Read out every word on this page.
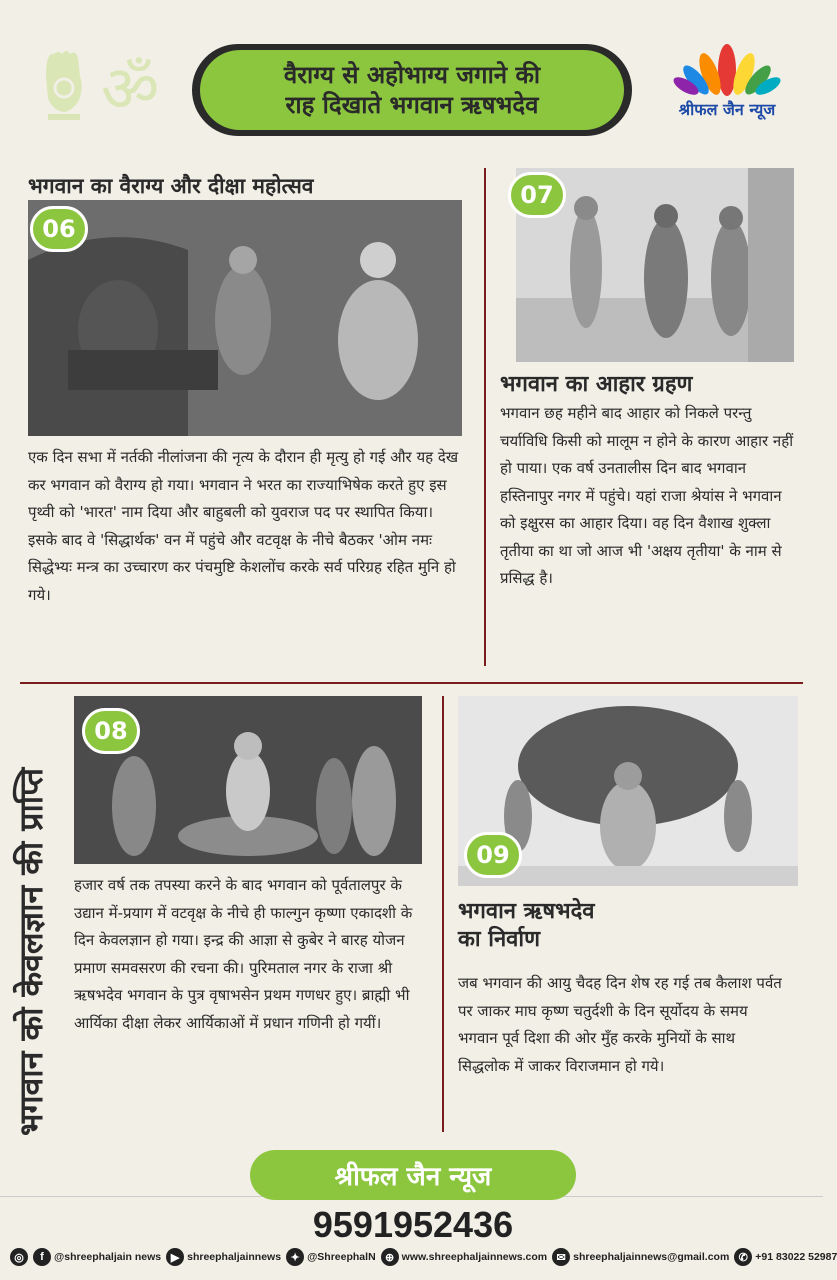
ॐ	वैराग्य से अहोभाग्य जगाने की
राह दिखाते भगवान ऋषभदेव	श्रीफल जैन न्यूज
भगवान का वैराग्य और दीक्षा महोत्सव
06
एक दिन सभा में नर्तकी नीलांजना की नृत्य के दौरान ही मृत्यु हो गई और यह देख कर भगवान को वैराग्य हो गया। भगवान ने भरत का राज्याभिषेक करते हुए इस पृथ्वी को 'भारत' नाम दिया और बाहुबली को युवराज पद पर स्थापित किया। इसके बाद वे 'सिद्धार्थक' वन में पहुंचे और वटवृक्ष के नीचे बैठकर 'ओम नमः सिद्धेभ्यः मन्त्र का उच्चारण कर पंचमुष्टि केशलोंच करके सर्व परिग्रह रहित मुनि हो गये।
07
भगवान का आहार ग्रहण
भगवान छह महीने बाद आहार को निकले परन्तु चर्याविधि किसी को मालूम न होने के कारण आहार नहीं हो पाया। एक वर्ष उनतालीस दिन बाद भगवान हस्तिनापुर नगर में पहुंचे। यहां राजा श्रेयांस ने भगवान को इक्षुरस का आहार दिया। वह दिन वैशाख शुक्ला तृतीया का था जो आज भी 'अक्षय तृतीया' के नाम से प्रसिद्ध है।
भगवान को केवलज्ञान की प्राप्ति
08
हजार वर्ष तक तपस्या करने के बाद भगवान को पूर्वतालपुर के उद्यान में-प्रयाग में वटवृक्ष के नीचे ही फाल्गुन कृष्णा एकादशी के दिन केवलज्ञान हो गया। इन्द्र की आज्ञा से कुबेर ने बारह योजन प्रमाण समवसरण की रचना की। पुरिमताल नगर के राजा श्री ऋषभदेव भगवान के पुत्र वृषाभसेन प्रथम गणधर हुए। ब्राह्मी भी आर्यिका दीक्षा लेकर आर्यिकाओं में प्रधान गणिनी हो गयीं।
09
भगवान ऋषभदेव
का निर्वाण
जब भगवान की आयु चैदह दिन शेष रह गई तब कैलाश पर्वत पर जाकर माघ कृष्ण चतुर्दशी के दिन सूर्योदय के समय भगवान पूर्व दिशा की ओर मुँह करके मुनियों के साथ सिद्धलोक में जाकर विराजमान हो गये।
श्रीफल जैन न्यूज
9591952436
◎	f @shreephaljain news ▶ shreephaljainnews ✦ @ShreephalN ⊕ www.shreephaljainnews.com ✉ shreephaljainnews@gmail.com ✆ +91 83022 52987
